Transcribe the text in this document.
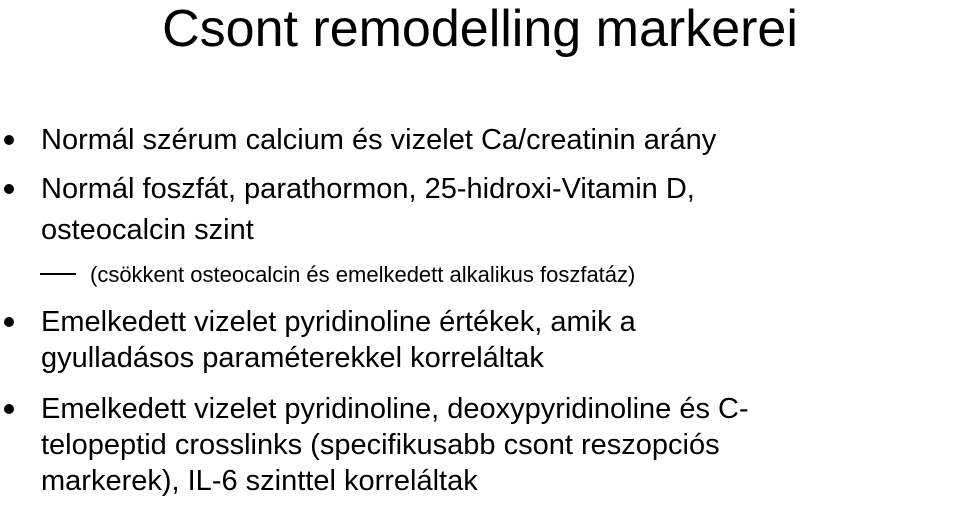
Csont remodelling markerei
Normál szérum calcium és vizelet Ca/creatinin arány
Normál foszfát, parathormon, 25-hidroxi-Vitamin D,
osteocalcin szint
(csökkent osteocalcin és emelkedett alkalikus foszfatáz)
Emelkedett vizelet pyridinoline értékek, amik a
gyulladásos paraméterekkel korreláltak
Emelkedett vizelet pyridinoline, deoxypyridinoline és C-
telopeptid crosslinks (specifikusabb csont reszopciós
markerek), IL-6 szinttel korreláltak
